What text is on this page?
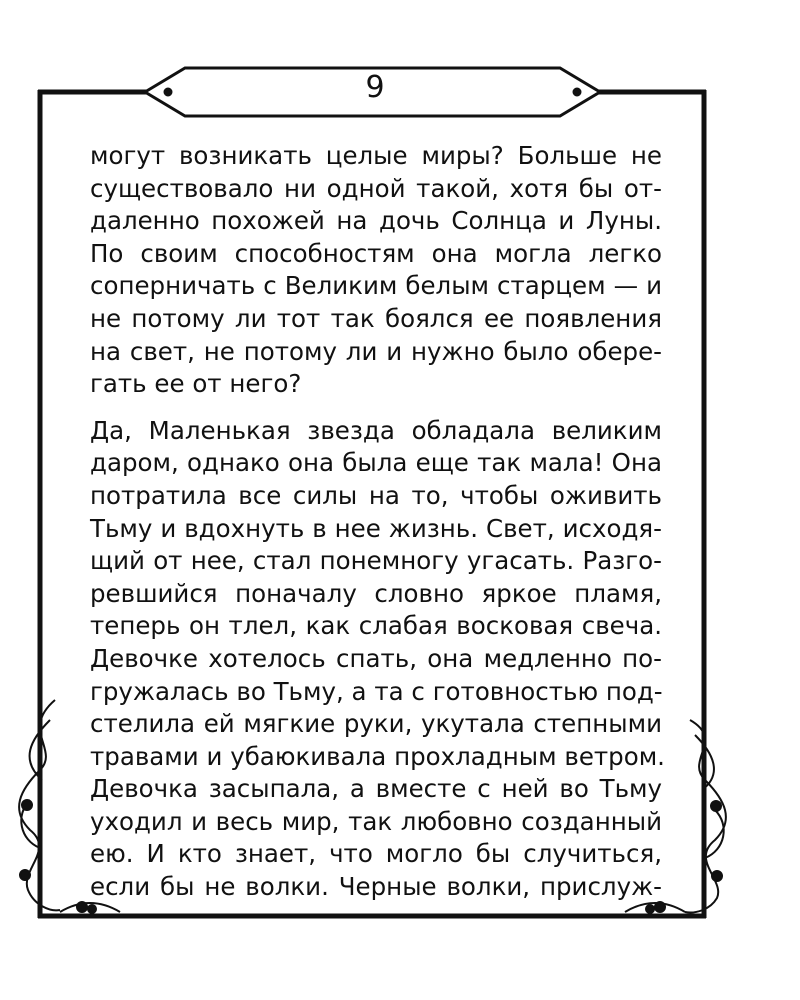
9

могут возникать целые миры? Больше не
существовало ни одной такой, хотя бы от-
даленно похожей на дочь Солнца и Луны.
По своим способностям она могла легко
соперничать с Великим белым старцем — и
не потому ли тот так боялся ее появления
на свет, не потому ли и нужно было обере-
гать ее от него?

Да, Маленькая звезда обладала великим
даром, однако она была еще так мала! Она
потратила все силы на то, чтобы оживить
Тьму и вдохнуть в нее жизнь. Свет, исходя-
щий от нее, стал понемногу угасать. Разго-
ревшийся поначалу словно яркое пламя,
теперь он тлел, как слабая восковая свеча.
Девочке хотелось спать, она медленно по-
гружалась во Тьму, а та с готовностью под-
стелила ей мягкие руки, укутала степными
травами и убаюкивала прохладным ветром.
Девочка засыпала, а вместе с ней во Тьму
уходил и весь мир, так любовно созданный
ею. И кто знает, что могло бы случиться,
если бы не волки. Черные волки, прислуж-
